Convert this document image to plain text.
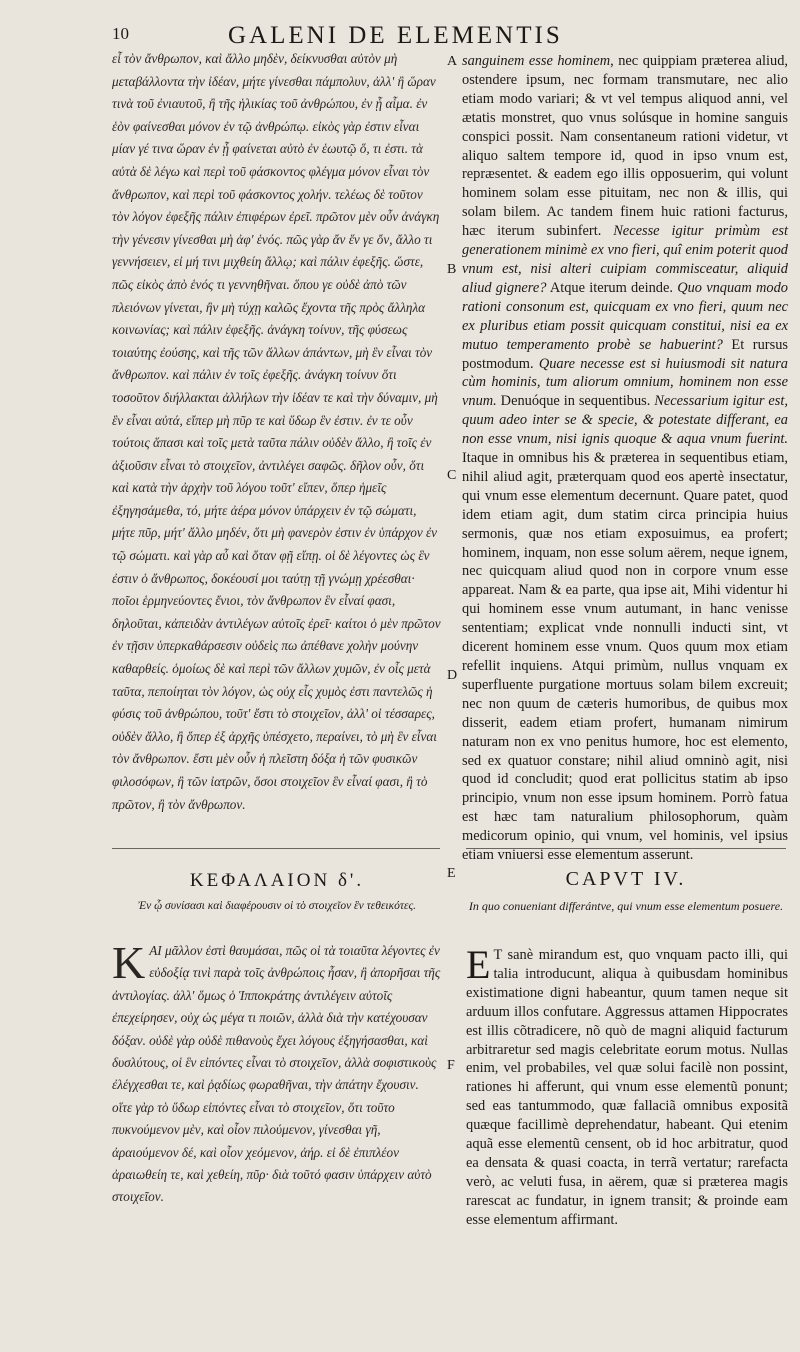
10	GALENI DE ELEMENTIS

εἶ τὸν ἄνθρωπον, καὶ ἄλλο μηδὲν, δείκνυσθαι αὐτὸν μὴ μεταβάλλοντα τὴν ἰδέαν, μήτε γίνεσθαι πάμπολυν, ἀλλ' ἢ ὥραν τινὰ τοῦ ἐνιαυτοῦ, ἢ τῆς ἡλικίας τοῦ ἀνθρώπου, ἐν ᾗ αἷμα. ἐν ἑὸν φαίνεσθαι μόνον ἐν τῷ ἀνθρώπῳ. εἰκὸς γὰρ ἐστιν εἶναι μίαν γέ τινα ὥραν ἐν ᾗ φαίνεται αὐτὸ ἐν ἑωυτῷ ὅ, τι ἐστι. τὰ αὐτὰ δὲ λέγω καὶ περὶ τοῦ φάσκοντος φλέγμα μόνον εἶναι τὸν ἄνθρωπον, καὶ περὶ τοῦ φάσκοντος χολήν. τελέως δὲ τοῦτον τὸν λόγον ἐφεξῆς πάλιν ἐπιφέρων ἐρεῖ. πρῶτον μὲν οὖν ἀνάγκη τὴν γένεσιν γίνεσθαι μὴ ἀφ' ἑνός. πῶς γὰρ ἄν ἕν γε ὄν, ἄλλο τι γεννήσειεν, εἰ μή τινι μιχθείη ἄλλῳ; καὶ πάλιν ἐφεξῆς. ὥστε, πῶς εἰκὸς ἀπὸ ἑνός τι γεννηθῆναι. ὅπου γε οὐδὲ ἀπὸ τῶν πλειόνων γίνεται, ἢν μὴ τύχῃ καλῶς ἔχοντα τῆς πρὸς ἄλληλα κοινωνίας; καὶ πάλιν ἐφεξῆς. ἀνάγκη τοίνυν, τῆς φύσεως τοιαύτης ἐούσης, καὶ τῆς τῶν ἄλλων ἁπάντων, μὴ ἓν εἶναι τὸν ἄνθρωπον. καὶ πάλιν ἐν τοῖς ἐφεξῆς. ἀνάγκη τοίνυν ὅτι τοσοῦτον διήλλακται ἀλλήλων τὴν ἰδέαν τε καὶ τὴν δύναμιν, μὴ ἓν εἶναι αὐτά, εἴπερ μὴ πῦρ τε καὶ ὕδωρ ἓν ἐστιν. ἐν τε οὖν τούτοις ἅπασι καὶ τοῖς μετὰ ταῦτα πάλιν οὐδὲν ἄλλο, ἢ τοῖς ἐν ἀξιοῦσιν εἶναι τὸ στοιχεῖον, ἀντιλέγει σαφῶς. δῆλον οὖν, ὅτι καὶ κατὰ τὴν ἀρχὴν τοῦ λόγου τοῦτ' εἴπεν, ὅπερ ἡμεῖς ἐξηγησάμεθα, τό, μήτε ἀέρα μόνον ὑπάρχειν ἐν τῷ σώματι, μήτε πῦρ, μήτ' ἄλλο μηδέν, ὅτι μὴ φανερὸν ἐστιν ἐν ὑπάρχον ἐν τῷ σώματι. καὶ γὰρ αὖ καὶ ὅταν φῇ εἴπῃ. οἱ δὲ λέγοντες ὡς ἓν ἐστιν ὁ ἄνθρωπος, δοκέουσί μοι ταύτῃ τῇ γνώμῃ χρέεσθαι· ποῖοι ἑρμηνεύοντες ἔνιοι, τὸν ἄνθρωπον ἓν εἶναί φασι, δηλοῦται, κἀπειδὰν ἀντιλέγων αὐτοῖς ἐρεῖ· καίτοι ὁ μὲν πρῶτον ἐν τῇσιν ὑπερκαθάρσεσιν οὐδεὶς πω ἀπέθανε χολὴν μούνην καθαρθείς. ὁμοίως δὲ καὶ περὶ τῶν ἄλλων χυμῶν, ἐν οἷς μετὰ ταῦτα, πεποίηται τὸν λόγον, ὡς οὐχ εἷς χυμὸς ἐστι παντελῶς ἡ φύσις τοῦ ἀνθρώπου, τοῦτ' ἔστι τὸ στοιχεῖον, ἀλλ' οἱ τέσσαρες, οὐδὲν ἄλλο, ἢ ὅπερ ἐξ ἀρχῆς ὑπέσχετο, περαίνει, τὸ μὴ ἓν εἶναι τὸν ἄνθρωπον. ἔστι μὲν οὖν ἡ πλεῖστη δόξα ἡ τῶν φυσικῶν φιλοσόφων, ἢ τῶν ἰατρῶν, ὅσοι στοιχεῖον ἓν εἶναί φασι, ἢ τὸ πρῶτον, ἢ τὸν ἄνθρωπον.

A
B
C
D
E
F

sanguinem esse hominem, nec quippiam præterea aliud, ostendere ipsum, nec formam transmutare, nec alio etiam modo variari; & vt vel tempus aliquod anni, vel ætatis monstret, quo vnus solúsque in homine sanguis conspici possit. Nam consentaneum rationi videtur, vt aliquo saltem tempore id, quod in ipso vnum est, repræsentet. & eadem ego illis opposuerim, qui volunt hominem solam esse pituitam, nec non & illis, qui solam bilem. Ac tandem finem huic rationi facturus, hæc iterum subinfert. Necesse igitur primùm est generationem minimè ex vno fieri, quî enim poterit quod vnum est, nisi alteri cuipiam commisceatur, aliquid aliud gignere? Atque iterum deinde. Quo vnquam modo rationi consonum est, quicquam ex vno fieri, quum nec ex pluribus etiam possit quicquam constitui, nisi ea ex mutuo temperamento probè se habuerint? Et rursus postmodum. Quare necesse est si huiusmodi sit natura cùm hominis, tum aliorum omnium, hominem non esse vnum. Denuóque in sequentibus. Necessarium igitur est, quum adeo inter se & specie, & potestate differant, ea non esse vnum, nisi ignis quoque & aqua vnum fuerint. Itaque in omnibus his & præterea in sequentibus etiam, nihil aliud agit, præterquam quod eos apertè insectatur, qui vnum esse elementum decernunt. Quare patet, quod idem etiam agit, dum statim circa principia huius sermonis, quæ nos etiam exposuimus, ea profert; hominem, inquam, non esse solum aërem, neque ignem, nec quicquam aliud quod non in corpore vnum esse appareat. Nam & ea parte, qua ipse ait, Mihi videntur hi qui hominem esse vnum autumant, in hanc venisse sententiam; explicat vnde nonnulli inducti sint, vt dicerent hominem esse vnum. Quos quum mox etiam refellit inquiens. Atqui primùm, nullus vnquam ex superfluente purgatione mortuus solam bilem excreuit; nec non quum de cæteris humoribus, de quibus mox disserit, eadem etiam profert, humanam nimirum naturam non ex vno penitus humore, hoc est elemento, sed ex quatuor constare; nihil aliud omninò agit, nisi quod id concludit; quod erat pollicitus statim ab ipso principio, vnum non esse ipsum hominem. Porrò fatua est hæc tam naturalium philosophorum, quàm medicorum opinio, qui vnum, vel hominis, vel ipsius etiam vniuersi esse elementum asserunt.

ΚΕΦΑΛΑΙΟΝ δ'.
Ἐν ᾧ συνίσασι καὶ διαφέρουσιν οἱ τὸ στοιχεῖον ἓν τεθεικότες.
CAPVT IV.
In quo conueniant differántve, qui vnum esse elementum posuere.

ΚΑΙ μᾶλλον ἐστὶ θαυμάσαι, πῶς οἱ τὰ τοιαῦτα λέγοντες ἐν εὐδοξίᾳ τινὶ παρὰ τοῖς ἀνθρώποις ἦσαν, ἢ ἀπορῆσαι τῆς ἀντιλογίας. ἀλλ' ὅμως ὁ Ἱπποκράτης ἀντιλέγειν αὐτοῖς ἐπεχείρησεν, οὐχ ὡς μέγα τι ποιῶν, ἀλλὰ διὰ τὴν κατέχουσαν δόξαν. οὐδὲ γὰρ οὐδὲ πιθανοὺς ἔχει λόγους ἐξηγήσασθαι, καὶ δυσλύτους, οἱ ἓν εἰπόντες εἶναι τὸ στοιχεῖον, ἀλλὰ σοφιστικοὺς ἐλέγχεσθαι τε, καὶ ῥᾳδίως φωραθῆναι, τὴν ἀπάτην ἔχουσιν. οἵτε γὰρ τὸ ὕδωρ εἰπόντες εἶναι τὸ στοιχεῖον, ὅτι τοῦτο πυκνούμενον μὲν, καὶ οἷον πιλούμενον, γίνεσθαι γῆ, ἀραιούμενον δέ, καὶ οἷον χεόμενον, ἀήρ. εἰ δὲ ἐπιπλέον ἀραιωθείη τε, καὶ χεθείη, πῦρ· διὰ τοῦτό φασιν ὑπάρχειν αὐτὸ στοιχεῖον.

E T sanè mirandum est, quo vnquam pacto illi, qui talia introducunt, aliqua à quibusdam hominibus existimatione digni habeantur, quum tamen neque sit arduum illos confutare. Aggressus attamen Hippocrates est illis cõtradicere, nõ quò de magni aliquid facturum arbitraretur sed magis celebritate eorum motus. Nullas enim, vel probabiles, vel quæ solui facilè non possint, rationes hi afferunt, qui vnum esse elementũ ponunt; sed eas tantummodo, quæ fallaciã omnibus expositã quæque facillimè deprehendatur, habeant. Qui etenim aquã esse elementũ censent, ob id hoc arbitratur, quod ea densata & quasi coacta, in terrã vertatur; rarefacta verò, ac veluti fusa, in aërem, quæ si præterea magis rarescat ac fundatur, in ignem transit; & proinde eam esse elementum affirmant.
